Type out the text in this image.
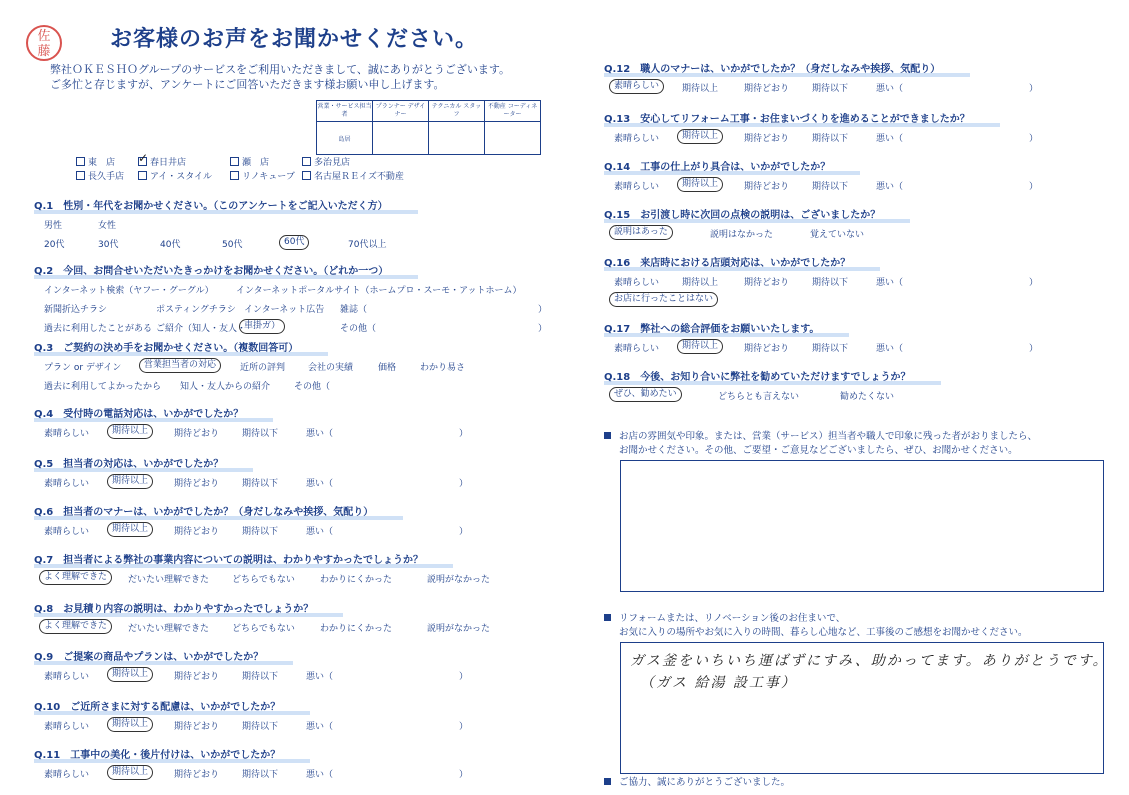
佐
藤	お客様のお声をお聞かせください。
弊社ＯＫＥＳＨＯグループのサービスをご利用いただきまして、誠にありがとうございます。
ご多忙と存じますが、アンケートにご回答いただきます様お願い申し上げます。
営業・サービス担当者	プランナー デザイナー	テクニカル スタッフ	不動産 コーディネーター
島居			
東　店 ✓	春日井店	瀬　店	多治見店
長久手店	アイ・スタイル	リノキューブ	名古屋ＲＥイズ不動産
Q.1　性別・年代をお聞かせください。（このアンケートをご記入いただく方）
男性	女性
20代	30代	40代	50代	60代	70代以上
Q.2　今回、お問合せいただいたきっかけをお聞かせください。（どれか一つ）
インターネット検索（ヤフー・グーグル） インターネットポータルサイト（ホームプロ・スーモ・アットホーム）
新聞折込チラシ	ポスティングチラシ インターネット広告 雑誌（　　　　　　　　　　　　　　　　　　　）
過去に利用したことがある ご紹介（知人・友人・
車掛ガ）	その他（　　　　　　　　　　　　　　　　　　）
Q.3　ご契約の決め手をお聞かせください。（複数回答可）
プラン or デザイン	営業担当者の対応	近所の評判	会社の実績	価格	わかり易さ
過去に利用してよかったから 知人・友人からの紹介	その他（
Q.4　受付時の電話対応は、いかがでしたか？
素晴らしい	期待以上	期待どおり	期待以下	悪い（　　　　　　　　　　　　　　）
Q.5　担当者の対応は、いかがでしたか？
素晴らしい	期待以上	期待どおり	期待以下	悪い（　　　　　　　　　　　　　　）
Q.6　担当者のマナーは、いかがでしたか？（身だしなみや挨拶、気配り）
素晴らしい	期待以上	期待どおり	期待以下	悪い（　　　　　　　　　　　　　　）
Q.7　担当者による弊社の事業内容についての説明は、わかりやすかったでしょうか？
よく理解できた	だいたい理解できた	どちらでもない	わかりにくかった	説明がなかった
Q.8　お見積り内容の説明は、わかりやすかったでしょうか？
よく理解できた	だいたい理解できた	どちらでもない	わかりにくかった	説明がなかった
Q.9　ご提案の商品やプランは、いかがでしたか？
素晴らしい	期待以上	期待どおり	期待以下	悪い（　　　　　　　　　　　　　　）
Q.10　ご近所さまに対する配慮は、いかがでしたか？
素晴らしい	期待以上	期待どおり	期待以下	悪い（　　　　　　　　　　　　　　）
Q.11　工事中の美化・後片付けは、いかがでしたか？
素晴らしい	期待以上	期待どおり	期待以下	悪い（　　　　　　　　　　　　　　）
Q.12　職人のマナーは、いかがでしたか？（身だしなみや挨拶、気配り）
素晴らしい	期待以上	期待どおり	期待以下	悪い（　　　　　　　　　　　　　　）
Q.13　安心してリフォーム工事・お住まいづくりを進めることができましたか？
素晴らしい	期待以上	期待どおり	期待以下	悪い（　　　　　　　　　　　　　　）
Q.14　工事の仕上がり具合は、いかがでしたか？
素晴らしい	期待以上	期待どおり	期待以下	悪い（　　　　　　　　　　　　　　）
Q.15　お引渡し時に次回の点検の説明は、ございましたか？
説明はあった	説明はなかった	覚えていない
Q.16　来店時における店頭対応は、いかがでしたか？
素晴らしい	期待以上	期待どおり	期待以下	悪い（　　　　　　　　　　　　　　）
お店に行ったことはない
Q.17　弊社への総合評価をお願いいたします。
素晴らしい	期待以上	期待どおり	期待以下	悪い（　　　　　　　　　　　　　　）
Q.18　今後、お知り合いに弊社を勧めていただけますでしょうか？
ぜひ、勧めたい	どちらとも言えない	勧めたくない
お店の雰囲気や印象。または、営業（サービス）担当者や職人で印象に残った者がおりましたら、
お聞かせください。その他、ご要望・ご意見などございましたら、ぜひ、お聞かせください。
リフォームまたは、リノベーション後のお住まいで、
お気に入りの場所やお気に入りの時間、暮らし心地など、工事後のご感想をお聞かせください。
ガス釜をいちいち運ばずにすみ、助かってます。ありがとうです。
（ガス 給湯 設工事）
ご協力、誠にありがとうございました。
